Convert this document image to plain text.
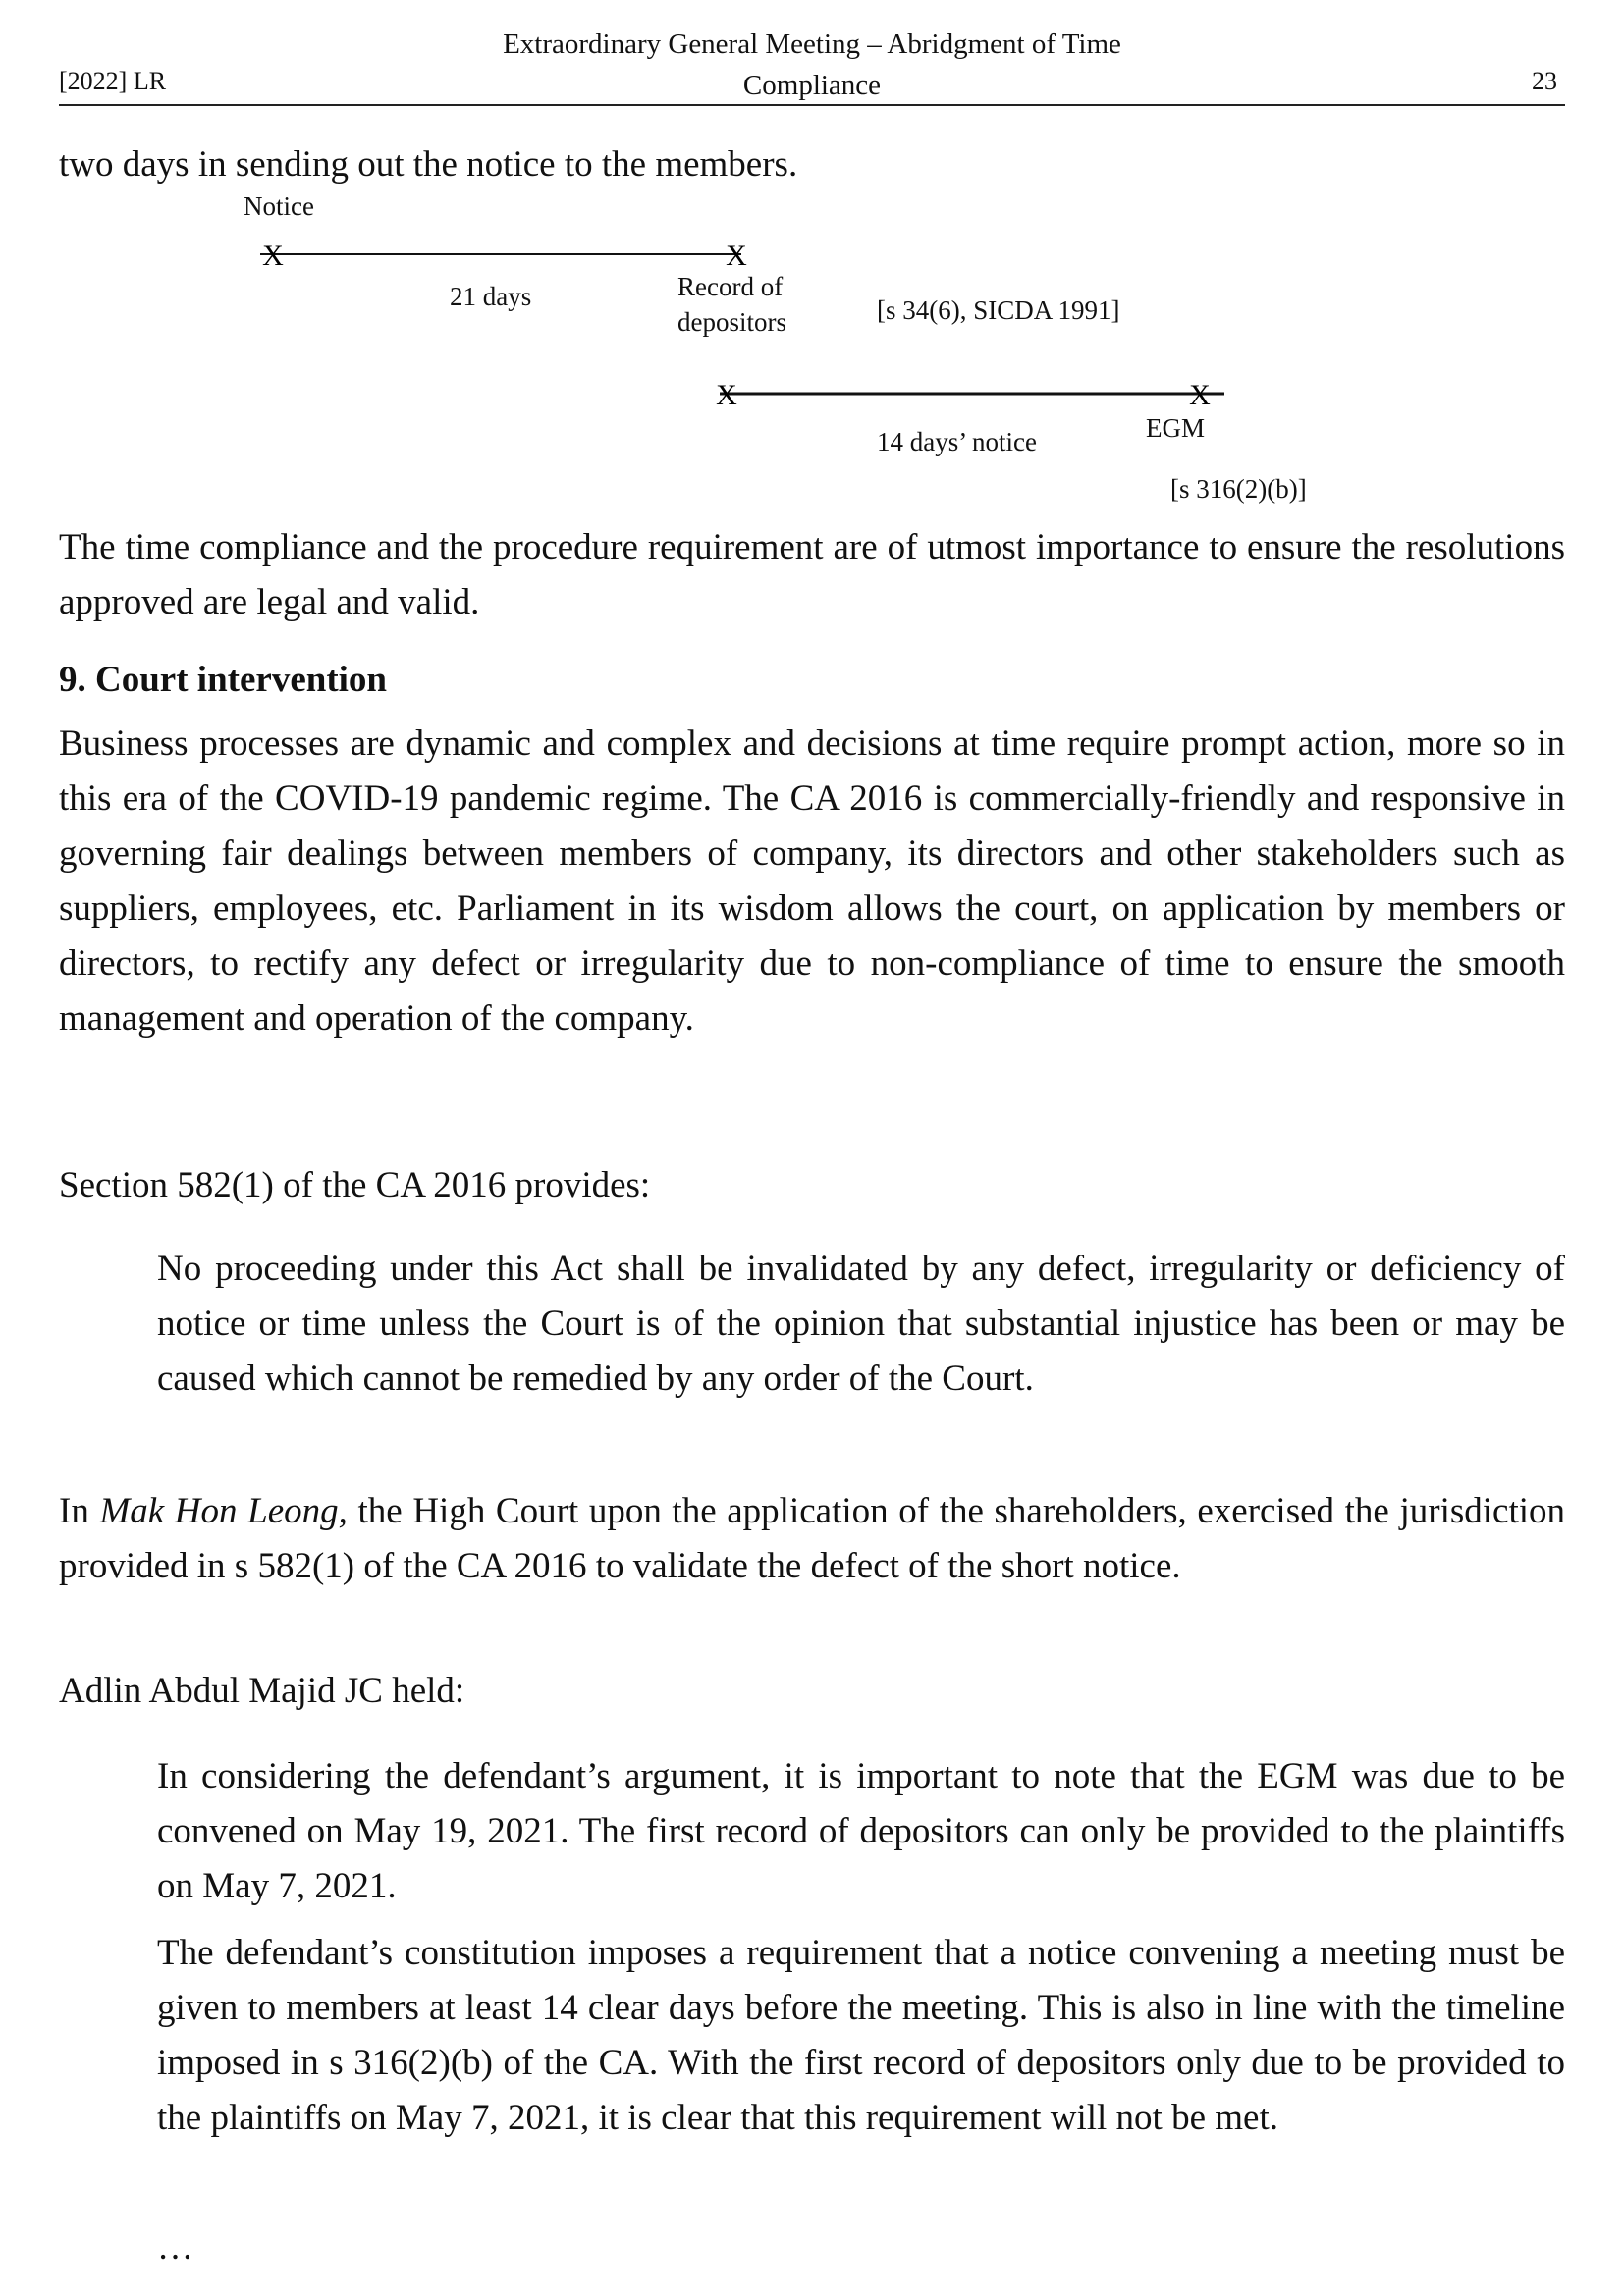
[2022] LR
Extraordinary General Meeting – Abridgment of Time
Compliance	23
two days in sending out the notice to the members.
X	X
X	X
Notice
21 days	Record of
depositors	[s 34(6), SICDA 1991]
14 days’ notice	EGM
[s 316(2)(b)]
The time compliance and the procedure requirement are of utmost importance to ensure the resolutions approved are legal and valid.
9. Court intervention
Business processes are dynamic and complex and decisions at time require prompt action, more so in this era of the COVID-19 pandemic regime. The CA 2016 is commercially-friendly and responsive in governing fair dealings between members of company, its directors and other stakeholders such as suppliers, employees, etc. Parliament in its wisdom allows the court, on application by members or directors, to rectify any defect or irregularity due to non-compliance of time to ensure the smooth management and operation of the company.
Section 582(1) of the CA 2016 provides:
No proceeding under this Act shall be invalidated by any defect, irregularity or deficiency of notice or time unless the Court is of the opinion that substantial injustice has been or may be caused which cannot be remedied by any order of the Court.
In Mak Hon Leong, the High Court upon the application of the shareholders, exercised the jurisdiction provided in s 582(1) of the CA 2016 to validate the defect of the short notice.
Adlin Abdul Majid JC held:
In considering the defendant’s argument, it is important to note that the EGM was due to be convened on May 19, 2021. The first record of depositors can only be provided to the plaintiffs on May 7, 2021.
The defendant’s constitution imposes a requirement that a notice convening a meeting must be given to members at least 14 clear days before the meeting. This is also in line with the timeline imposed in s 316(2)(b) of the CA. With the first record of depositors only due to be provided to the plaintiffs on May 7, 2021, it is clear that this requirement will not be met.
…
